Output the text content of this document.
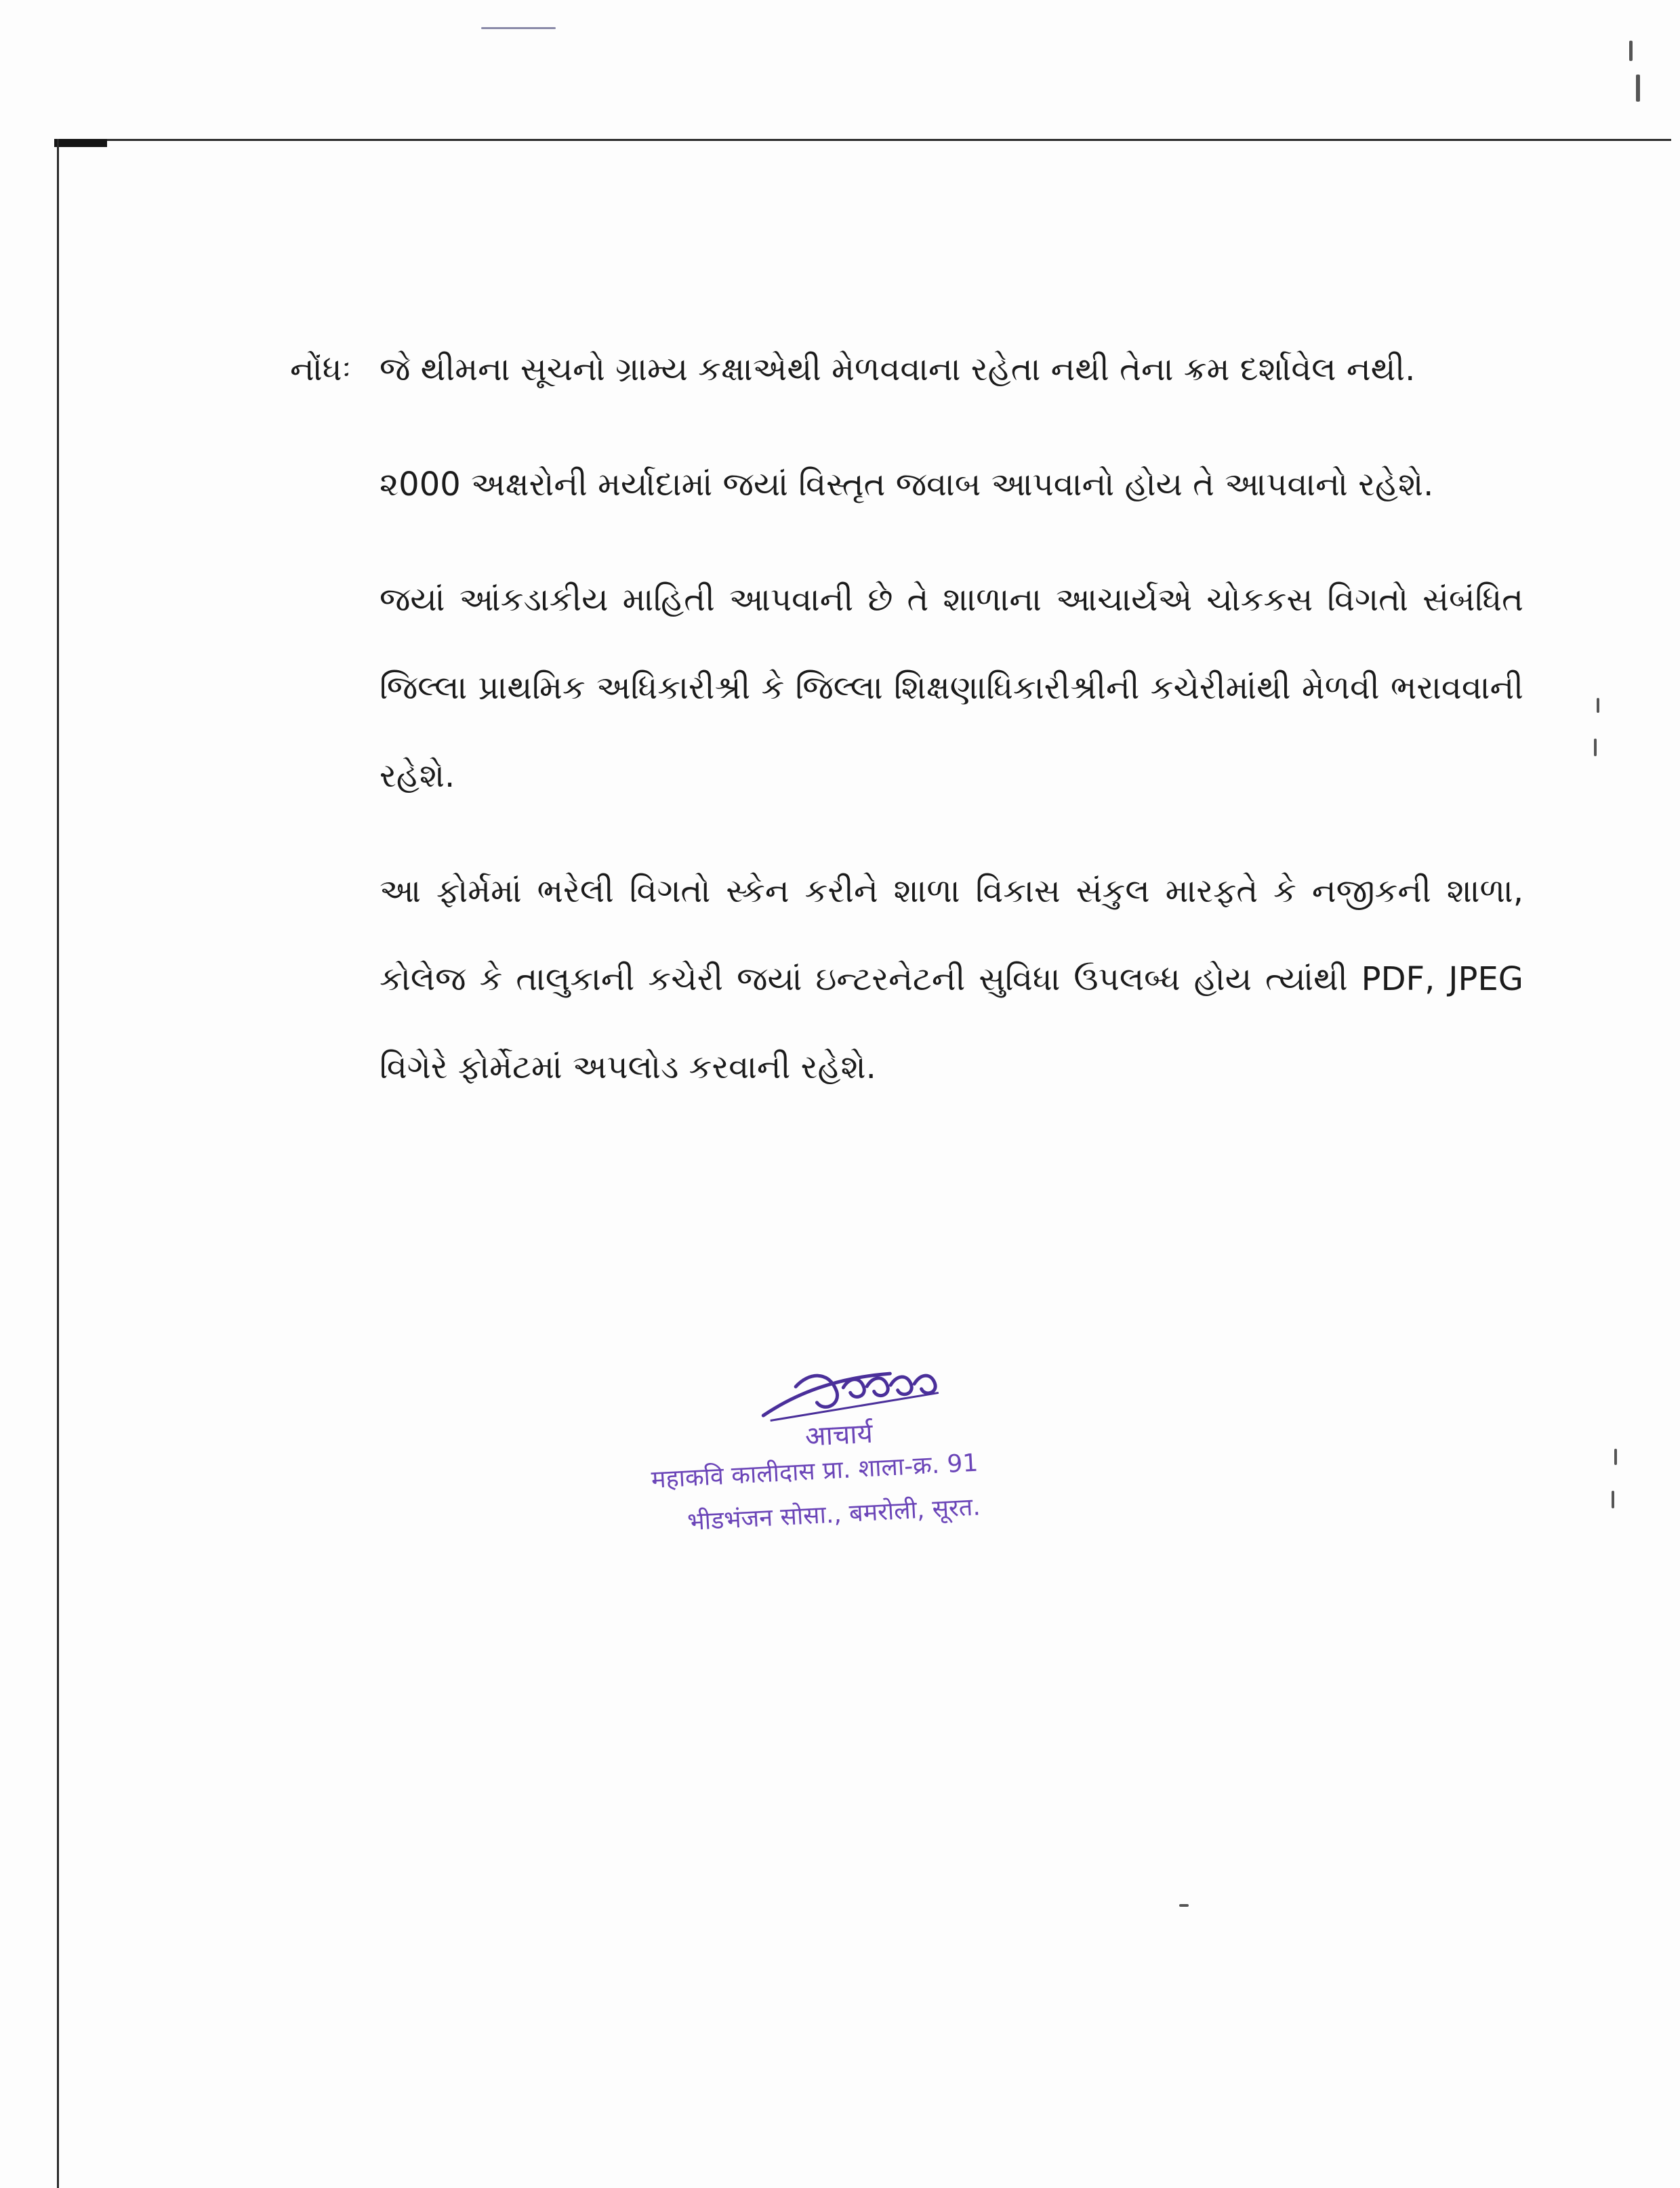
નોંધઃ જે થીમના સૂચનો ગ્રામ્ય કક્ષાએથી મેળવવાના રહેતા નથી તેના ક્રમ દર્શાવેલ નથી.

૨000 અક્ષરોની મર્યાદામાં જયાં વિસ્તૃત જવાબ આપવાનો હોય તે આપવાનો રહેશે.

જયાં આંકડાકીય માહિતી આપવાની છે તે શાળાના આચાર્યએ ચોકકસ વિગતો સંબંધિત જિલ્લા પ્રાથમિક અધિકારીશ્રી કે જિલ્લા શિક્ષણાધિકારીશ્રીની કચેરીમાંથી મેળવી ભરાવવાની રહેશે.

આ ફોર્મમાં ભરેલી વિગતો સ્કેન કરીને શાળા વિકાસ સંકુલ મારફતે કે નજીકની શાળા, કોલેજ કે તાલુકાની કચેરી જયાં ઇન્ટરનેટની સુવિધા ઉપલબ્ધ હોય ત્યાંથી PDF, JPEG વિગેરે ફોર્મેટમાં અપલોડ કરવાની રહેશે.

आचार्य
महाकवि कालीदास प्रा. शाला-क्र. 91
भीडभंजन सोसा., बमरोली, सूरत.
